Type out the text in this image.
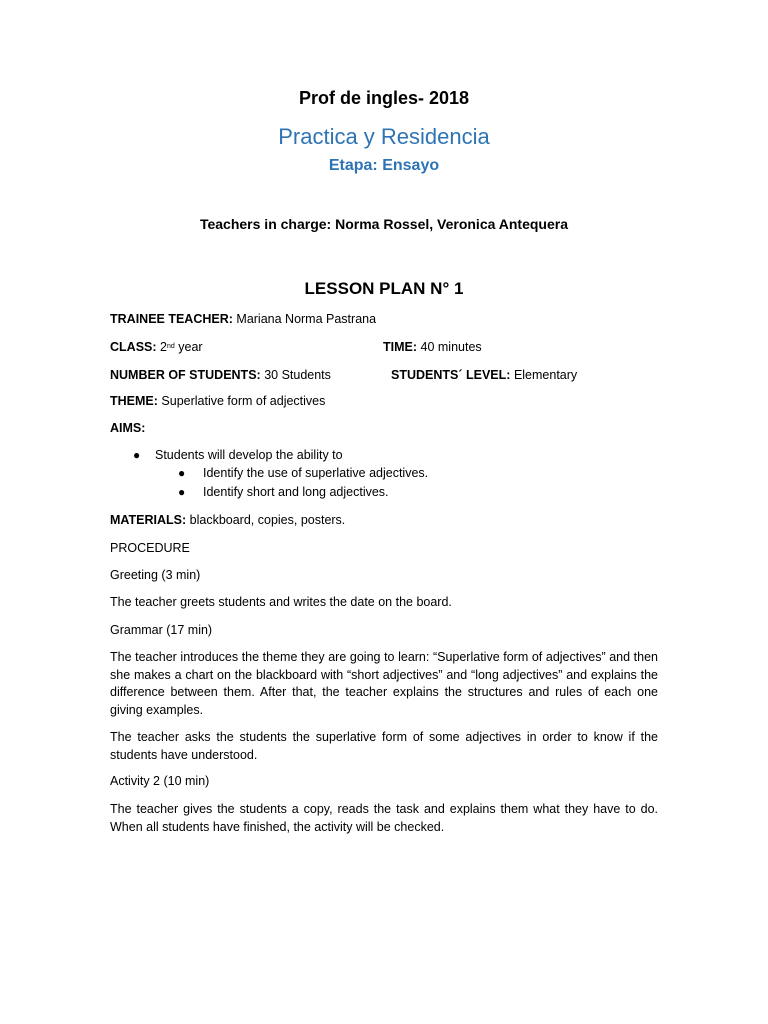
Prof de ingles- 2018
Practica y Residencia
Etapa: Ensayo
Teachers in charge: Norma Rossel, Veronica Antequera
LESSON PLAN N° 1
TRAINEE TEACHER: Mariana Norma Pastrana
CLASS: 2nd year	TIME: 40 minutes
NUMBER OF STUDENTS: 30 Students	STUDENTS´ LEVEL: Elementary
THEME: Superlative form of adjectives
AIMS:
● Students will develop the ability to
● Identify the use of superlative adjectives.
● Identify short and long adjectives.
MATERIALS: blackboard, copies, posters.
PROCEDURE
Greeting (3 min)
The teacher greets students and writes the date on the board.
Grammar (17 min)
The teacher introduces the theme they are going to learn: “Superlative form of adjectives” and then she makes a chart on the blackboard with “short adjectives” and “long adjectives” and explains the difference between them. After that, the teacher explains the structures and rules of each one giving examples.
The teacher asks the students the superlative form of some adjectives in order to know if the students have understood.
Activity 2 (10 min)
The teacher gives the students a copy, reads the task and explains them what they have to do. When all students have finished, the activity will be checked.
